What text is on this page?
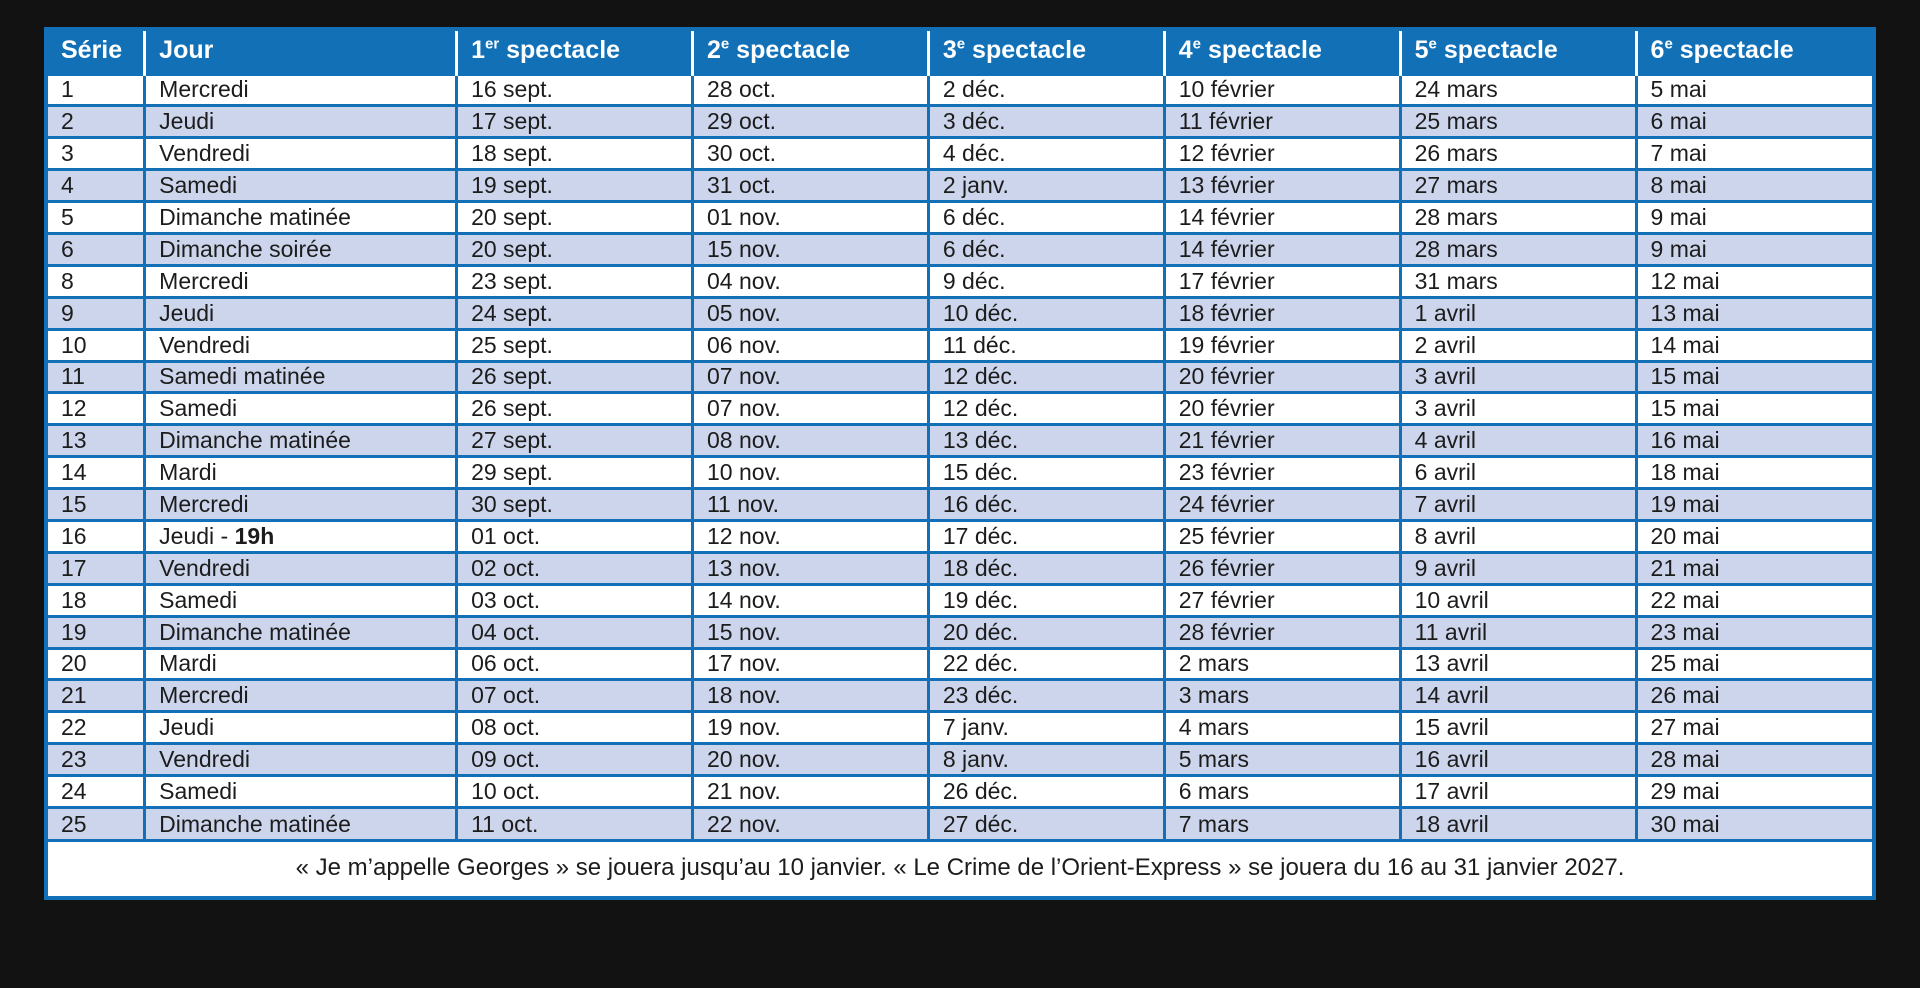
Série	Jour	1er spectacle	2e spectacle	3e spectacle	4e spectacle	5e spectacle	6e spectacle
1	Mercredi	16 sept.	28 oct.	2 déc.	10 février	24 mars	5 mai
2	Jeudi	17 sept.	29 oct.	3 déc.	11 février	25 mars	6 mai
3	Vendredi	18 sept.	30 oct.	4 déc.	12 février	26 mars	7 mai
4	Samedi	19 sept.	31 oct.	2 janv.	13 février	27 mars	8 mai
5	Dimanche matinée	20 sept.	01 nov.	6 déc.	14 février	28 mars	9 mai
6	Dimanche soirée	20 sept.	15 nov.	6 déc.	14 février	28 mars	9 mai
8	Mercredi	23 sept.	04 nov.	9 déc.	17 février	31 mars	12 mai
9	Jeudi	24 sept.	05 nov.	10 déc.	18 février	1 avril	13 mai
10	Vendredi	25 sept.	06 nov.	11 déc.	19 février	2 avril	14 mai
11	Samedi matinée	26 sept.	07 nov.	12 déc.	20 février	3 avril	15 mai
12	Samedi	26 sept.	07 nov.	12 déc.	20 février	3 avril	15 mai
13	Dimanche matinée	27 sept.	08 nov.	13 déc.	21 février	4 avril	16 mai
14	Mardi	29 sept.	10 nov.	15 déc.	23 février	6 avril	18 mai
15	Mercredi	30 sept.	11 nov.	16 déc.	24 février	7 avril	19 mai
16	Jeudi - 19h	01 oct.	12 nov.	17 déc.	25 février	8 avril	20 mai
17	Vendredi	02 oct.	13 nov.	18 déc.	26 février	9 avril	21 mai
18	Samedi	03 oct.	14 nov.	19 déc.	27 février	10 avril	22 mai
19	Dimanche matinée	04 oct.	15 nov.	20 déc.	28 février	11 avril	23 mai
20	Mardi	06 oct.	17 nov.	22 déc.	2 mars	13 avril	25 mai
21	Mercredi	07 oct.	18 nov.	23 déc.	3 mars	14 avril	26 mai
22	Jeudi	08 oct.	19 nov.	7 janv.	4 mars	15 avril	27 mai
23	Vendredi	09 oct.	20 nov.	8 janv.	5 mars	16 avril	28 mai
24	Samedi	10 oct.	21 nov.	26 déc.	6 mars	17 avril	29 mai
25	Dimanche matinée	11 oct.	22 nov.	27 déc.	7 mars	18 avril	30 mai
« Je m’appelle Georges » se jouera jusqu’au 10 janvier. « Le Crime de l’Orient-Express » se jouera du 16 au 31 janvier 2027.
